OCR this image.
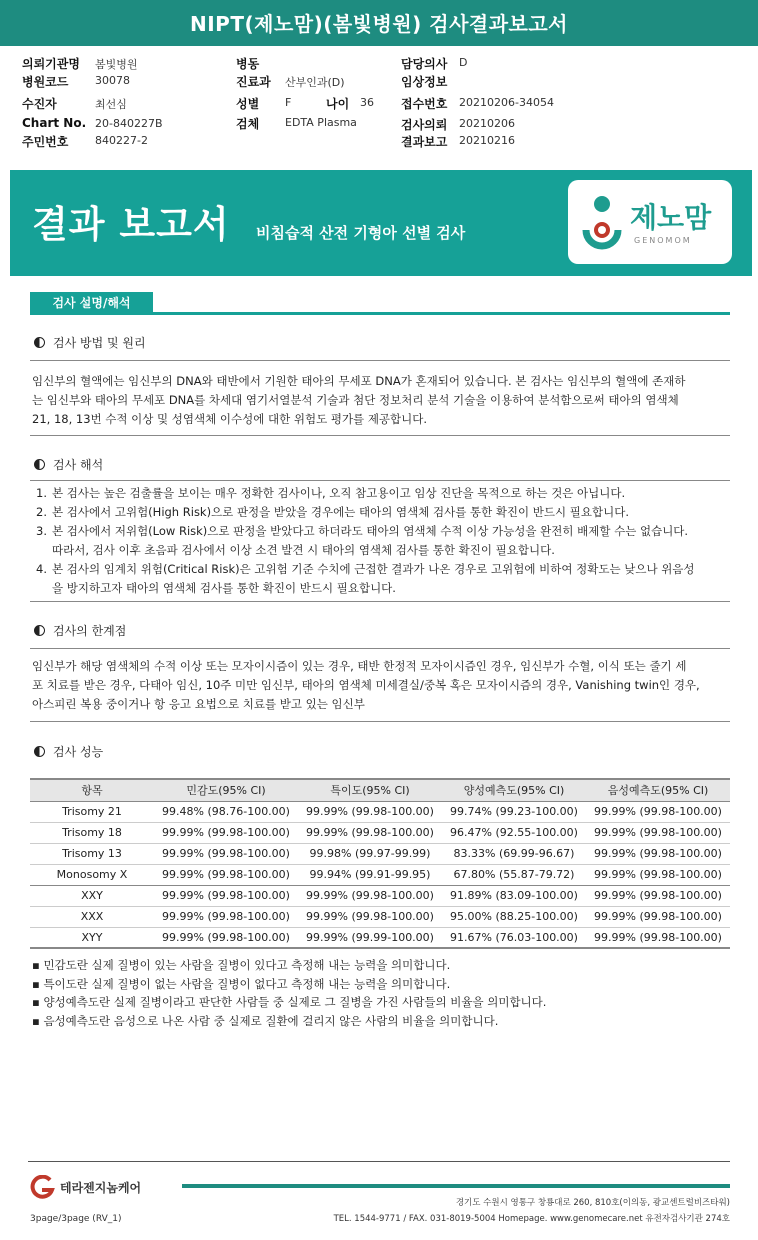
NIPT(제노맘)(봄빛병원) 검사결과보고서
의뢰기관명 봄빛병원
병원코드 30078
수진자	최선심
Chart No. 20-840227B
주민번호 840227-2
병동
진료과 산부인과(D)
성별 F	나이 36
검체 EDTA Plasma
담당의사 D
임상정보
접수번호 20210206-34054
검사의뢰 20210206
결과보고 20210216
결과 보고서 비침습적 산전 기형아 선별 검사	제노맘
GENOMOM
검사 설명/해석
검사 방법 및 원리
임신부의 혈액에는 임신부의 DNA와 태반에서 기원한 태아의 무세포 DNA가 혼재되어 있습니다. 본 검사는 임신부의 혈액에 존재하
는 임신부와 태아의 무세포 DNA를 차세대 염기서열분석 기술과 첨단 정보처리 분석 기술을 이용하여 분석함으로써 태아의 염색체
21, 18, 13번 수적 이상 및 성염색체 이수성에 대한 위험도 평가를 제공합니다.
검사 해석
1. 본 검사는 높은 검출률을 보이는 매우 정확한 검사이나, 오직 참고용이고 임상 진단을 목적으로 하는 것은 아닙니다.
2. 본 검사에서 고위험(High Risk)으로 판정을 받았을 경우에는 태아의 염색체 검사를 통한 확진이 반드시 필요합니다.
3. 본 검사에서 저위험(Low Risk)으로 판정을 받았다고 하더라도 태아의 염색체 수적 이상 가능성을 완전히 배제할 수는 없습니다.
따라서, 검사 이후 초음파 검사에서 이상 소견 발견 시 태아의 염색체 검사를 통한 확진이 필요합니다.
4. 본 검사의 임계치 위험(Critical Risk)은 고위험 기준 수치에 근접한 결과가 나온 경우로 고위험에 비하여 정확도는 낮으나 위음성
을 방지하고자 태아의 염색체 검사를 통한 확진이 반드시 필요합니다.
검사의 한계점
임신부가 해당 염색체의 수적 이상 또는 모자이시즘이 있는 경우, 태반 한정적 모자이시즘인 경우, 임신부가 수혈, 이식 또는 줄기 세
포 치료를 받은 경우, 다태아 임신, 10주 미만 임신부, 태아의 염색체 미세결실/중복 혹은 모자이시즘의 경우, Vanishing twin인 경우,
아스피린 복용 중이거나 항 응고 요법으로 치료를 받고 있는 임신부
검사 성능
항목	민감도(95% CI)	특이도(95% CI)	양성예측도(95% CI)	음성예측도(95% CI)
Trisomy 21	99.48% (98.76-100.00)	99.99% (99.98-100.00)	99.74% (99.23-100.00)	99.99% (99.98-100.00)
Trisomy 18	99.99% (99.98-100.00)	99.99% (99.98-100.00)	96.47% (92.55-100.00)	99.99% (99.98-100.00)
Trisomy 13	99.99% (99.98-100.00)	99.98% (99.97-99.99)	83.33% (69.99-96.67)	99.99% (99.98-100.00)
Monosomy X	99.99% (99.98-100.00)	99.94% (99.91-99.95)	67.80% (55.87-79.72)	99.99% (99.98-100.00)
XXY	99.99% (99.98-100.00)	99.99% (99.98-100.00)	91.89% (83.09-100.00)	99.99% (99.98-100.00)
XXX	99.99% (99.98-100.00)	99.99% (99.98-100.00)	95.00% (88.25-100.00)	99.99% (99.98-100.00)
XYY	99.99% (99.98-100.00)	99.99% (99.99-100.00)	91.67% (76.03-100.00)	99.99% (99.98-100.00)
▪ 민감도란 실제 질병이 있는 사람을 질병이 있다고 측정해 내는 능력을 의미합니다.
▪ 특이도란 실제 질병이 없는 사람을 질병이 없다고 측정해 내는 능력을 의미합니다.
▪ 양성예측도란 실제 질병이라고 판단한 사람들 중 실제로 그 질병을 가진 사람들의 비율을 의미합니다.
▪ 음성예측도란 음성으로 나온 사람 중 실제로 질환에 걸리지 않은 사람의 비율을 의미합니다.
테라젠지놈케어
경기도 수원시 영통구 창룡대로 260, 810호(이의동, 광교센트럴비즈타워)
TEL. 1544-9771 / FAX. 031-8019-5004 Homepage. www.genomecare.net 유전자검사기관 274호
3page/3page (RV_1)
